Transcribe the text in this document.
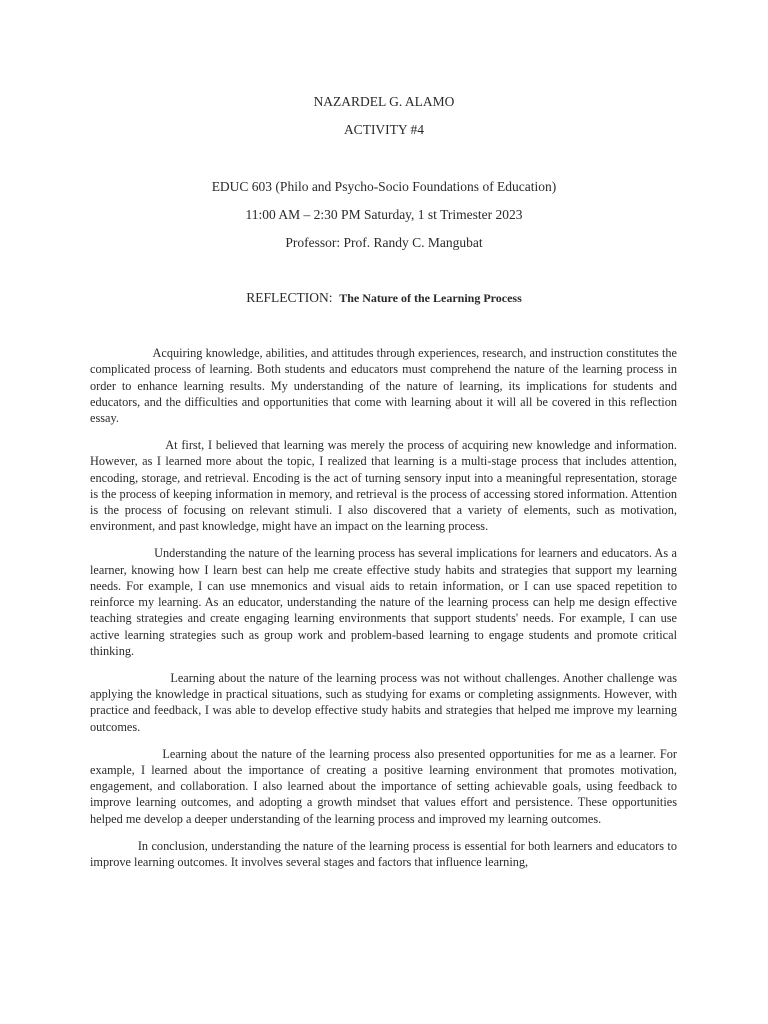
NAZARDEL G. ALAMO
ACTIVITY #4
EDUC 603 (Philo and Psycho-Socio Foundations of Education)
11:00 AM – 2:30 PM Saturday, 1 st Trimester 2023
Professor: Prof. Randy C. Mangubat
REFLECTION: The Nature of the Learning Process

Acquiring knowledge, abilities, and attitudes through experiences, research, and instruction constitutes the complicated process of learning. Both students and educators must comprehend the nature of the learning process in order to enhance learning results. My understanding of the nature of learning, its implications for students and educators, and the difficulties and opportunities that come with learning about it will all be covered in this reflection essay.

At first, I believed that learning was merely the process of acquiring new knowledge and information. However, as I learned more about the topic, I realized that learning is a multi-stage process that includes attention, encoding, storage, and retrieval. Encoding is the act of turning sensory input into a meaningful representation, storage is the process of keeping information in memory, and retrieval is the process of accessing stored information. Attention is the process of focusing on relevant stimuli. I also discovered that a variety of elements, such as motivation, environment, and past knowledge, might have an impact on the learning process.

Understanding the nature of the learning process has several implications for learners and educators. As a learner, knowing how I learn best can help me create effective study habits and strategies that support my learning needs. For example, I can use mnemonics and visual aids to retain information, or I can use spaced repetition to reinforce my learning. As an educator, understanding the nature of the learning process can help me design effective teaching strategies and create engaging learning environments that support students' needs. For example, I can use active learning strategies such as group work and problem-based learning to engage students and promote critical thinking.

Learning about the nature of the learning process was not without challenges. Another challenge was applying the knowledge in practical situations, such as studying for exams or completing assignments. However, with practice and feedback, I was able to develop effective study habits and strategies that helped me improve my learning outcomes.

Learning about the nature of the learning process also presented opportunities for me as a learner. For example, I learned about the importance of creating a positive learning environment that promotes motivation, engagement, and collaboration. I also learned about the importance of setting achievable goals, using feedback to improve learning outcomes, and adopting a growth mindset that values effort and persistence. These opportunities helped me develop a deeper understanding of the learning process and improved my learning outcomes.

In conclusion, understanding the nature of the learning process is essential for both learners and educators to improve learning outcomes. It involves several stages and factors that influence learning,
